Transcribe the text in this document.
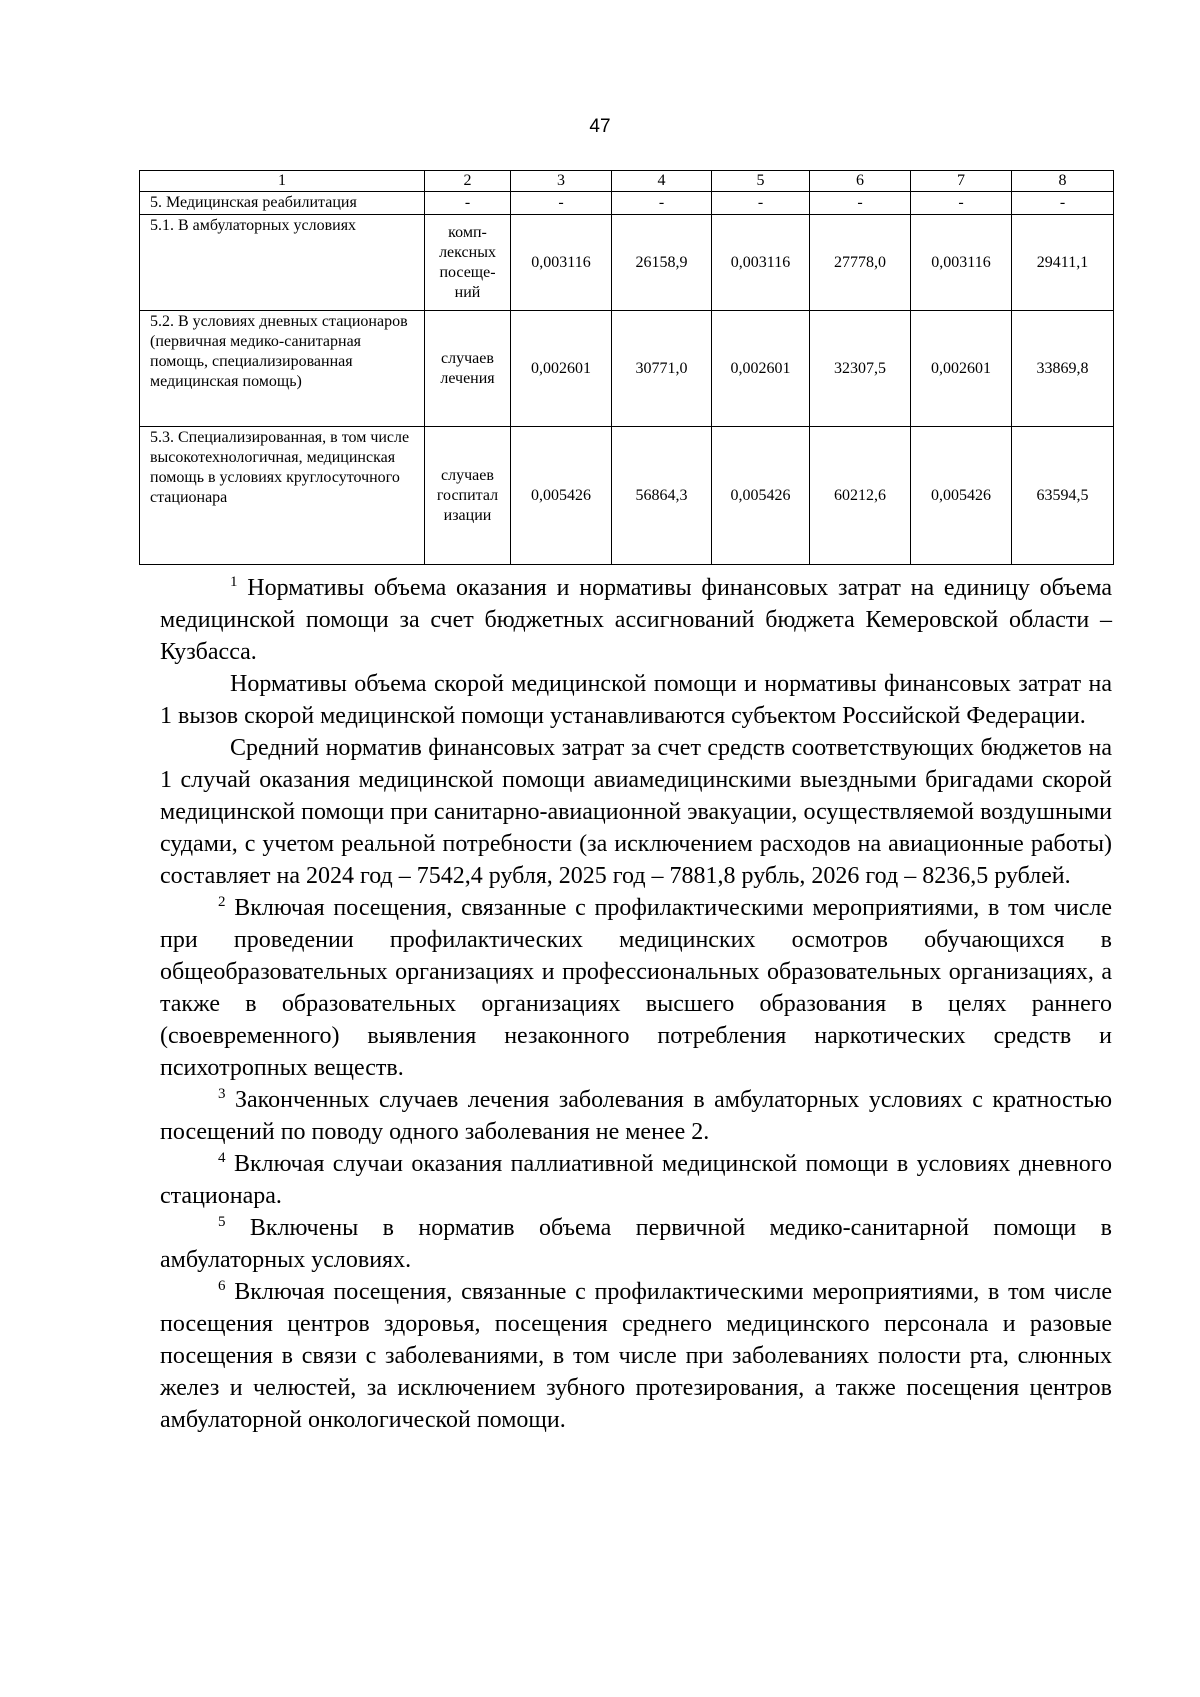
47
1	2	3	4	5	6	7	8
5. Медицинская реабилитация	-	-	-	-	-	-	-
5.1. В амбулаторных условиях	комп-лексных посеще-ний	0,003116	26158,9	0,003116	27778,0	0,003116	29411,1
5.2. В условиях дневных стационаров (первичная медико-санитарная помощь, специализированная медицинская помощь)	случаев лечения	0,002601	30771,0	0,002601	32307,5	0,002601	33869,8
5.3. Специализированная, в том числе высокотехнологичная, медицинская помощь в условиях круглосуточного стационара	случаев госпитал изации	0,005426	56864,3	0,005426	60212,6	0,005426	63594,5

$^1$ Нормативы объема оказания и нормативы финансовых затрат на единицу объема медицинской помощи за счет бюджетных ассигнований бюджета Кемеровской области – Кузбасса.

Нормативы объема скорой медицинской помощи и нормативы финансовых затрат на 1 вызов скорой медицинской помощи устанавливаются субъектом Российской Федерации.

Средний норматив финансовых затрат за счет средств соответствующих бюджетов на 1 случай оказания медицинской помощи авиамедицинскими выездными бригадами скорой медицинской помощи при санитарно-авиационной эвакуации, осуществляемой воздушными судами, с учетом реальной потребности (за исключением расходов на авиационные работы) составляет на 2024 год – 7542,4 рубля, 2025 год – 7881,8 рубль, 2026 год – 8236,5 рублей.

$^2$ Включая посещения, связанные с профилактическими мероприятиями, в том числе при проведении профилактических медицинских осмотров обучающихся в общеобразовательных организациях и профессиональных образовательных организациях, а также в образовательных организациях высшего образования в целях раннего (своевременного) выявления незаконного потребления наркотических средств и психотропных веществ.

$^3$ Законченных случаев лечения заболевания в амбулаторных условиях с кратностью посещений по поводу одного заболевания не менее 2.

$^4$ Включая случаи оказания паллиативной медицинской помощи в условиях дневного стационара.

$^5$ Включены в норматив объема первичной медико-санитарной помощи в амбулаторных условиях.

$^6$ Включая посещения, связанные с профилактическими мероприятиями, в том числе посещения центров здоровья, посещения среднего медицинского персонала и разовые посещения в связи с заболеваниями, в том числе при заболеваниях полости рта, слюнных желез и челюстей, за исключением зубного протезирования, а также посещения центров амбулаторной онкологической помощи.
